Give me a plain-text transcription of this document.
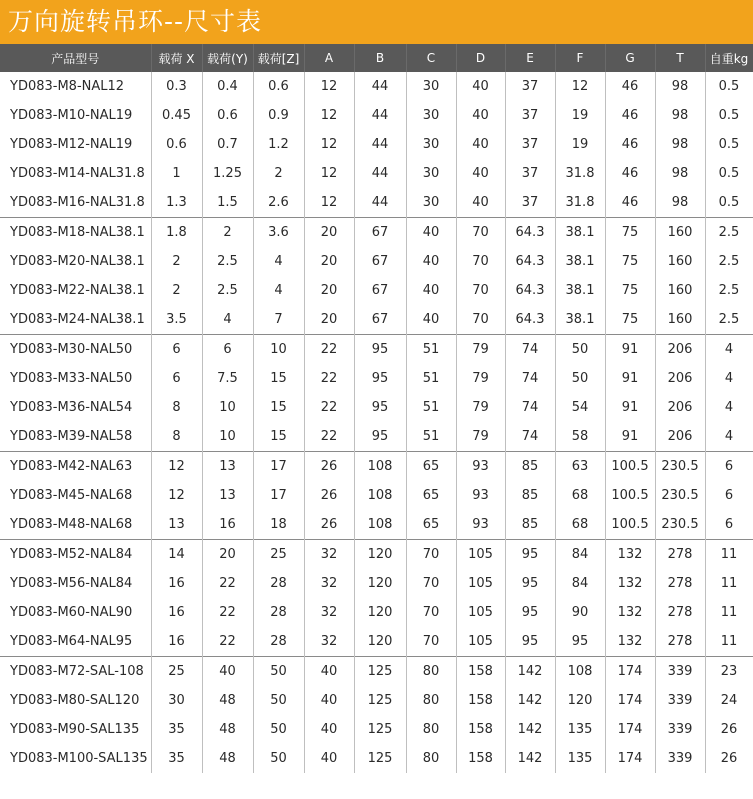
万向旋转吊环--尺寸表
产品型号	载荷 X	载荷(Y)	载荷[Z]	A	B	C	D	E	F	G	T	自重kg
YD083-M8-NAL12	0.3	0.4	0.6	12	44	30	40	37	12	46	98	0.5
YD083-M10-NAL19	0.45	0.6	0.9	12	44	30	40	37	19	46	98	0.5
YD083-M12-NAL19	0.6	0.7	1.2	12	44	30	40	37	19	46	98	0.5
YD083-M14-NAL31.8	1	1.25	2	12	44	30	40	37	31.8	46	98	0.5
YD083-M16-NAL31.8	1.3	1.5	2.6	12	44	30	40	37	31.8	46	98	0.5
YD083-M18-NAL38.1	1.8	2	3.6	20	67	40	70	64.3	38.1	75	160	2.5
YD083-M20-NAL38.1	2	2.5	4	20	67	40	70	64.3	38.1	75	160	2.5
YD083-M22-NAL38.1	2	2.5	4	20	67	40	70	64.3	38.1	75	160	2.5
YD083-M24-NAL38.1	3.5	4	7	20	67	40	70	64.3	38.1	75	160	2.5
YD083-M30-NAL50	6	6	10	22	95	51	79	74	50	91	206	4
YD083-M33-NAL50	6	7.5	15	22	95	51	79	74	50	91	206	4
YD083-M36-NAL54	8	10	15	22	95	51	79	74	54	91	206	4
YD083-M39-NAL58	8	10	15	22	95	51	79	74	58	91	206	4
YD083-M42-NAL63	12	13	17	26	108	65	93	85	63	100.5	230.5	6
YD083-M45-NAL68	12	13	17	26	108	65	93	85	68	100.5	230.5	6
YD083-M48-NAL68	13	16	18	26	108	65	93	85	68	100.5	230.5	6
YD083-M52-NAL84	14	20	25	32	120	70	105	95	84	132	278	11
YD083-M56-NAL84	16	22	28	32	120	70	105	95	84	132	278	11
YD083-M60-NAL90	16	22	28	32	120	70	105	95	90	132	278	11
YD083-M64-NAL95	16	22	28	32	120	70	105	95	95	132	278	11
YD083-M72-SAL-108	25	40	50	40	125	80	158	142	108	174	339	23
YD083-M80-SAL120	30	48	50	40	125	80	158	142	120	174	339	24
YD083-M90-SAL135	35	48	50	40	125	80	158	142	135	174	339	26
YD083-M100-SAL135	35	48	50	40	125	80	158	142	135	174	339	26
